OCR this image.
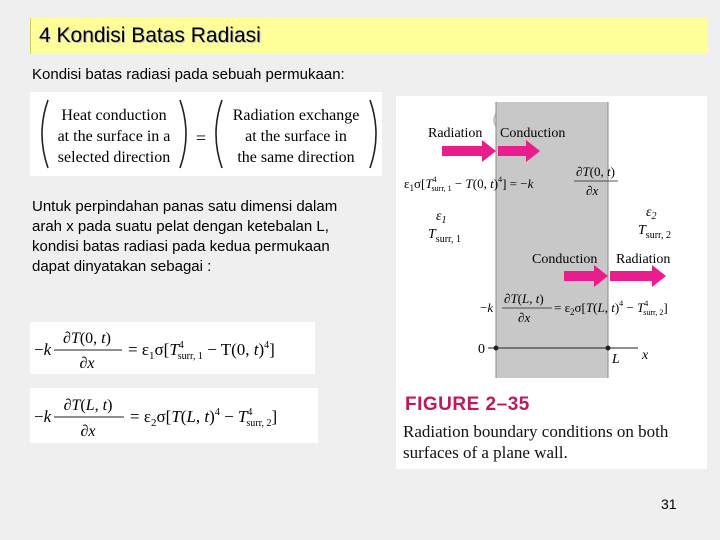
4 Kondisi Batas Radiasi
Kondisi batas radiasi pada sebuah permukaan:
Heat conduction
at the surface in a
selected direction
=
Radiation exchange
at the surface in
the same direction
Untuk perpindahan panas satu dimensi dalam arah x pada suatu pelat dengan ketebalan L, kondisi batas radiasi pada kedua permukaan dapat dinyatakan sebagai :
−k
∂T(0, t)
∂x
= $\varepsilon_1\sigma[T^4$ surr, 1 − T(0, t)$^4$]
−k
∂T(L, t)
∂x
= $\varepsilon_2\sigma[T(L$, $t)^4 - T^4$ surr, 2]
Radiation Conduction
$\varepsilon_1\sigma[T^4$ surr, 1 − T(0, t)$^4$] = −k
∂T(0, t)
∂x
$\varepsilon_1$
$T_{surr, 1}$
$\varepsilon_2$
$T_{surr, 2}$
Conduction Radiation
−k
∂T(L, t)
∂x
= $\varepsilon_2\sigma[T(L$, $t)^4 - T^4$ surr, 2]
0
L x
FIGURE 2–35
Radiation boundary conditions on both surfaces of a plane wall.
31
